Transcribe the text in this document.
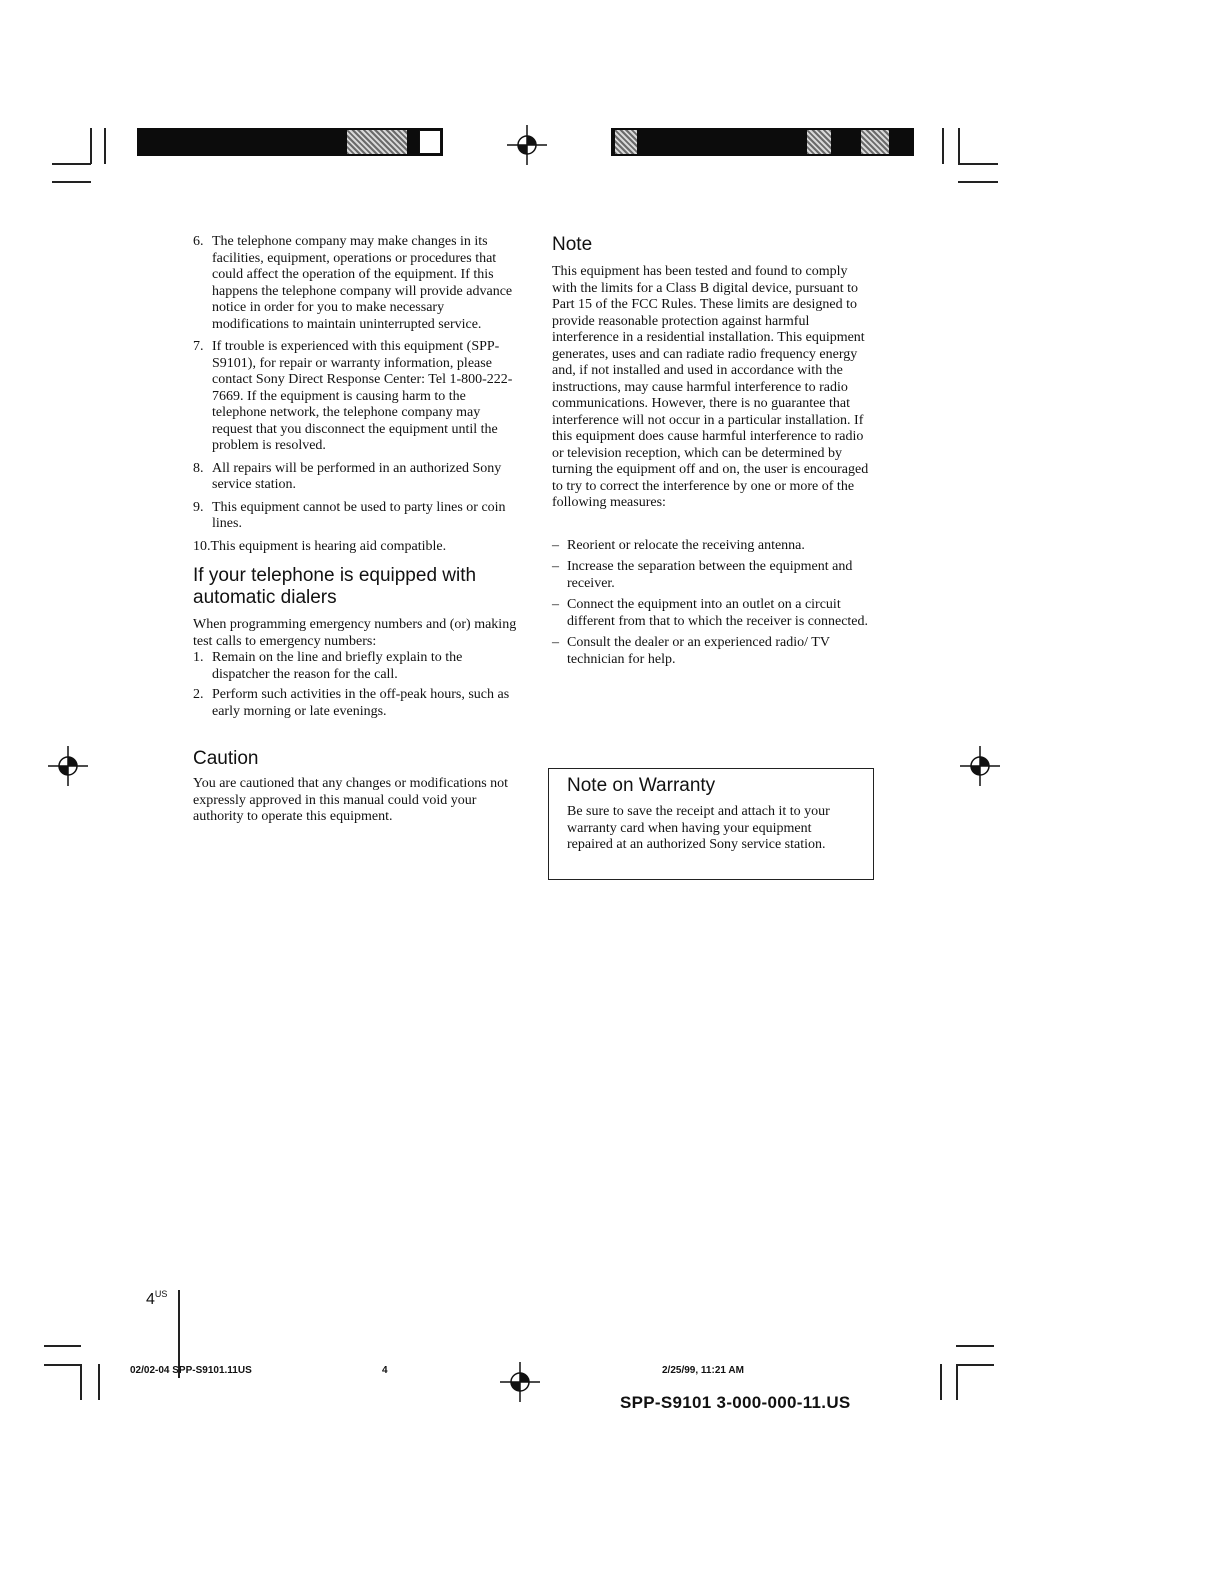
6. The telephone company may make changes in its facilities, equipment, operations or procedures that could affect the operation of the equipment. If this happens the telephone company will provide advance notice in order for you to make necessary modifications to maintain uninterrupted service.
7. If trouble is experienced with this equipment (SPP-S9101), for repair or warranty information, please contact Sony Direct Response Center: Tel 1-800-222-7669. If the equipment is causing harm to the telephone network, the telephone company may request that you disconnect the equipment until the problem is resolved.
8. All repairs will be performed in an authorized Sony service station.
9. This equipment cannot be used to party lines or coin lines.
10.This equipment is hearing aid compatible.
If your telephone is equipped with automatic dialers

When programming emergency numbers and (or) making test calls to emergency numbers:

1. Remain on the line and briefly explain to the dispatcher the reason for the call.
2. Perform such activities in the off-peak hours, such as early morning or late evenings.
Caution

You are cautioned that any changes or modifications not expressly approved in this manual could void your authority to operate this equipment.

Note

This equipment has been tested and found to comply with the limits for a Class B digital device, pursuant to Part 15 of the FCC Rules. These limits are designed to provide reasonable protection against harmful interference in a residential installation. This equipment generates, uses and can radiate radio frequency energy and, if not installed and used in accordance with the instructions, may cause harmful interference to radio communications. However, there is no guarantee that interference will not occur in a particular installation. If this equipment does cause harmful interference to radio or television reception, which can be determined by turning the equipment off and on, the user is encouraged to try to correct the interference by one or more of the following measures:

– Reorient or relocate the receiving antenna.
– Increase the separation between the equipment and receiver.
– Connect the equipment into an outlet on a circuit different from that to which the receiver is connected.
– Consult the dealer or an experienced radio/ TV technician for help.
Note on Warranty

Be sure to save the receipt and attach it to your warranty card when having your equipment repaired at an authorized Sony service station.

$4^{US}$
02/02-04 SPP-S9101.11US	4	2/25/99, 11:21 AM
SPP-S9101 3-000-000-11.US
